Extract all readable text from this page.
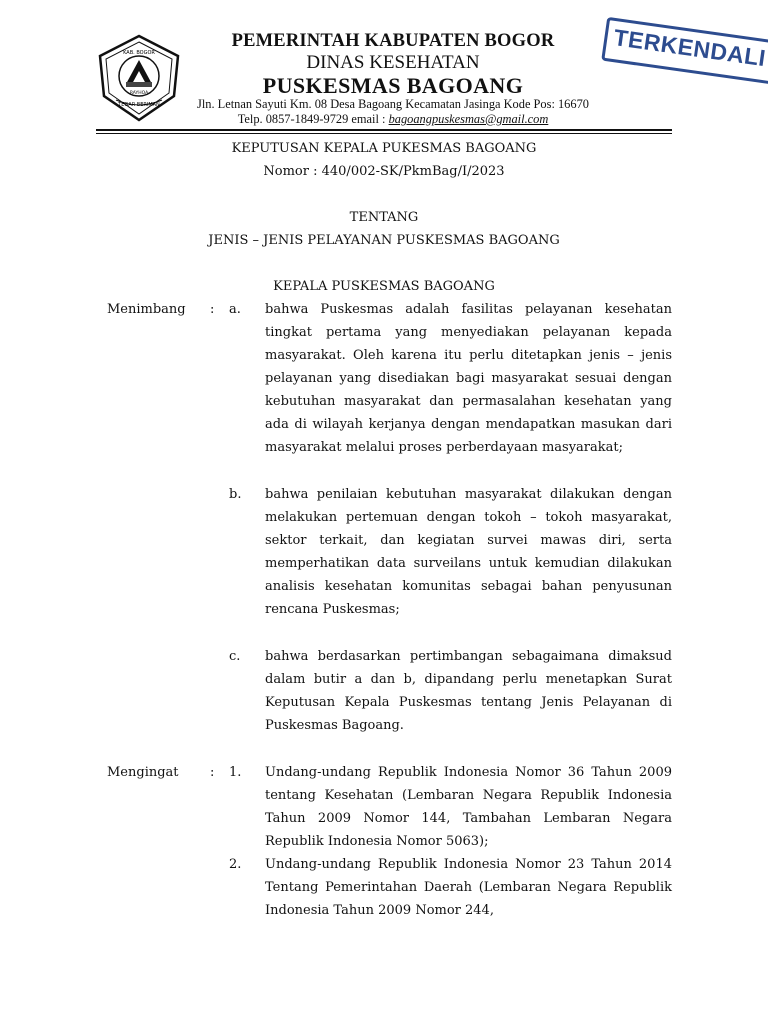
KAB. BOGOR
RAYHOA
TEGAR BERIMAN
PEMERINTAH KABUPATEN BOGOR
DINAS KESEHATAN
PUSKESMAS BAGOANG
Jln. Letnan Sayuti Km. 08 Desa Bagoang Kecamatan Jasinga Kode Pos: 16670
Telp. 0857-1849-9729 email : bagoangpuskesmas@gmail.com
TERKENDALI
KEPUTUSAN KEPALA PUKESMAS BAGOANG
Nomor : 440/002-SK/PkmBag/I/2023
TENTANG
JENIS – JENIS PELAYANAN PUSKESMAS BAGOANG
KEPALA PUSKESMAS BAGOANG
Menimbang : a. bahwa Puskesmas adalah fasilitas pelayanan kesehatan tingkat pertama yang menyediakan pelayanan kepada masyarakat. Oleh karena itu perlu ditetapkan jenis – jenis pelayanan yang disediakan bagi masyarakat sesuai dengan kebutuhan masyarakat dan permasalahan kesehatan yang ada di wilayah kerjanya dengan mendapatkan masukan dari masyarakat melalui proses perberdayaan masyarakat;

b. bahwa penilaian kebutuhan masyarakat dilakukan dengan melakukan pertemuan dengan tokoh – tokoh masyarakat, sektor terkait, dan kegiatan survei mawas diri, serta memperhatikan data surveilans untuk kemudian dilakukan analisis kesehatan komunitas sebagai bahan penyusunan rencana Puskesmas;

c. bahwa berdasarkan pertimbangan sebagaimana dimaksud dalam butir a dan b, dipandang perlu menetapkan Surat Keputusan Kepala Puskesmas tentang Jenis Pelayanan di Puskesmas Bagoang.

Mengingat : 1. Undang-undang Republik Indonesia Nomor 36 Tahun 2009 tentang Kesehatan (Lembaran Negara Republik Indonesia Tahun 2009 Nomor 144, Tambahan Lembaran Negara Republik Indonesia Nomor 5063);

2. Undang-undang Republik Indonesia Nomor 23 Tahun 2014 Tentang Pemerintahan Daerah (Lembaran Negara Republik Indonesia Tahun 2009 Nomor 244,
